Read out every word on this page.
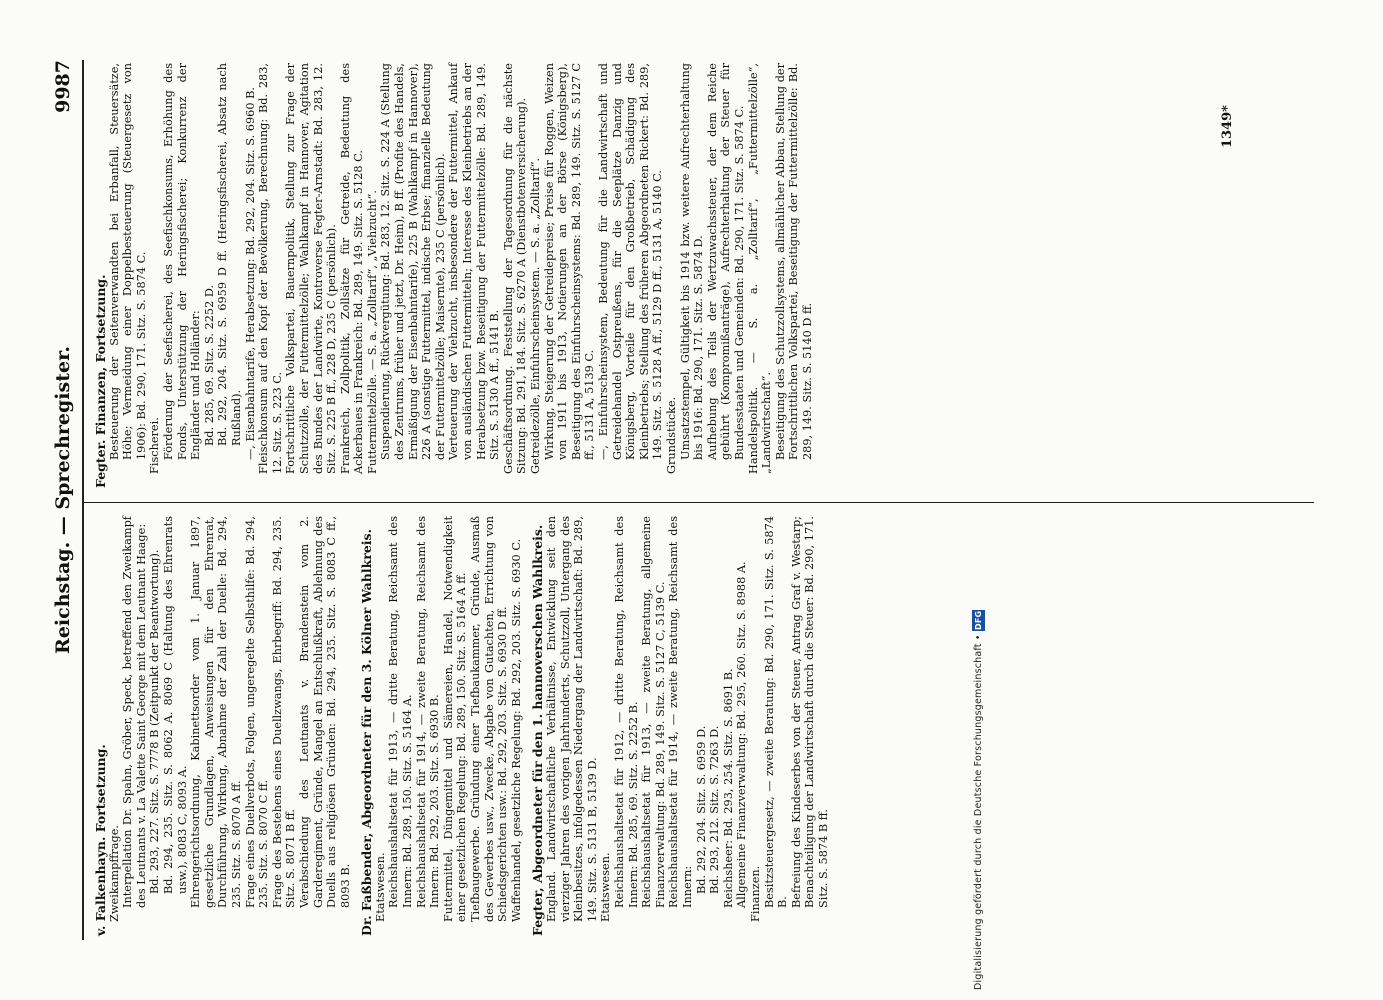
Reichstag. — Sprechregister.
9987
v. Falkenhayn. Fortsetzung. Zweikampffrage. Interpellation Dr. Spahn, Gröber, Speck, betreffend den Zweikampf des Leutnants v. La Valette Saint George mit dem Leutnant Haage: Bd. 293, 227. Sitz. S. 7778 B (Zeitpunkt der Beantwortung). Bd. 294, 235. Sitz. S. 8062 A. 8069 C (Haltung des Ehrenrats usw.), 8083 C, 8093 A. Ehrengerichtsordnung, Kabinettsorder vom 1. Januar 1897, gesetzliche Grundlagen, Anweisungen für den Ehrenrat, Durchführung, Wirkung, Abnahme der Zahl der Duelle: Bd. 294, 235. Sitz. S. 8070 A ff. Frage eines Duellverbots, Folgen, ungeregelte Selbsthilfe: Bd. 294, 235. Sitz. S. 8070 C ff. Frage des Bestehens eines Duellzwangs, Ehrbegriff: Bd. 294, 235. Sitz. S. 8071 B ff. Verabschiedung des Leutnants v. Brandenstein vom 2. Garderegiment, Gründe, Mangel an Entschlußkraft, Ablehnung des Duells aus religiösen Gründen: Bd. 294, 235. Sitz. S. 8083 C ff., 8093 B. Dr. Faßbender, Abgeordneter für den 3. Kölner Wahlkreis. Etatswesen. Reichshaushaltsetat für 1913, — dritte Beratung, Reichsamt des Innern: Bd. 289, 150. Sitz. S. 5164 A. Reichshaushaltsetat für 1914, — zweite Beratung, Reichsamt des Innern: Bd. 292, 203. Sitz. S. 6930 B. Futtermittel, Düngemittel und Sämereien, Handel, Notwendigkeit einer gesetzlichen Regelung: Bd. 289, 150. Sitz. S. 5164 A ff. Tiefbaugewerbe. Gründung einer Tiefbaukammer, Gründe, Ausmaß des Gewerbes usw., Zwecke, Abgabe von Gutachten, Errichtung von Schiedsgerichten usw.: Bd. 292, 203. Sitz. S. 6930 D ff. Waffenhandel, gesetzliche Regelung: Bd. 292, 203. Sitz. S. 6930 C. Fegter, Abgeordneter für den 1. hannoverschen Wahlkreis. England. Landwirtschaftliche Verhältnisse, Entwicklung seit den vierziger Jahren des vorigen Jahrhunderts, Schutzzoll, Untergang des Kleinbesitzes, infolgedessen Niedergang der Landwirtschaft: Bd. 289, 149. Sitz. S. 5131 B, 5139 D. Etatswesen. Reichshaushaltsetat für 1912, — dritte Beratung, Reichsamt des Innern: Bd. 285, 69. Sitz. S. 2252 B. Reichshaushaltsetat für 1913, — zweite Beratung, allgemeine Finanzverwaltung: Bd. 289, 149. Sitz. S. 5127 C, 5139 C. Reichshaushaltsetat für 1914, — zweite Beratung, Reichsamt des Innern: Bd. 292, 204. Sitz. S. 6959 D. Bd. 293, 212. Sitz. S. 7263 D. Reichsheer: Bd. 293, 254. Sitz. S. 8691 B. Allgemeine Finanzverwaltung: Bd. 295, 260. Sitz. S. 8988 A. Finanzen. Besitzsteuergesetz, — zweite Beratung: Bd. 290, 171. Sitz. S. 5874 B. Befreiung des Kindeserbes von der Steuer, Antrag Graf v. Westarp; Benachteiligung der Landwirtschaft durch die Steuer: Bd. 290, 171. Sitz. S. 5874 B ff.
Fegter. Finanzen, Fortsetzung. Besteuerung der Seitenverwandten bei Erbanfall, Steuersätze, Höhe; Vermeidung einer Doppelbesteuerung (Steuergesetz von 1906): Bd. 290, 171. Sitz. S. 5874 C. Fischerei. Förderung der Seefischerei, des Seefischkonsums, Erhöhung des Fonds, Unterstützung der Heringsfischerei; Konkurrenz der Engländer und Holländer: Bd. 285, 69. Sitz. S. 2252 D. Bd. 292, 204. Sitz. S. 6959 D ff. (Heringsfischerei, Absatz nach Rußland). —, Eisenbahntarife, Herabsetzung: Bd. 292, 204. Sitz. S. 6960 B. Fleischkonsum auf den Kopf der Bevölkerung, Berechnung: Bd. 283, 12. Sitz. S. 223 C. Fortschrittliche Volkspartei, Bauernpolitik, Stellung zur Frage der Schutzzölle, der Futtermittelzölle; Wahlkampf in Hannover, Agitation des Bundes der Landwirte, Kontroverse Fegter-Arnstadt: Bd. 283, 12. Sitz. S. 225 B ff., 228 D, 235 C (persönlich). Frankreich, Zollpolitik, Zollsätze für Getreide, Bedeutung des Ackerbaues in Frankreich: Bd. 289, 149. Sitz. S. 5128 C. Futtermittelzölle. — S. a. „Zolltarif“, „Viehzucht“. Suspendierung, Rückvergütung: Bd. 283, 12. Sitz. S. 224 A (Stellung des Zentrums, früher und jetzt, Dr. Heim), B ff. (Profite des Handels, Ermäßigung der Eisenbahntarife), 225 B (Wahlkampf in Hannover), 226 A (sonstige Futtermittel, indische Erbse; finanzielle Bedeutung der Futtermittelzölle; Maisernte), 235 C (persönlich). Verteuerung der Viehzucht, insbesondere der Futtermittel, Ankauf von ausländischen Futtermitteln; Interesse des Kleinbetriebs an der Herabsetzung bzw. Beseitigung der Futtermittelzölle: Bd. 289, 149. Sitz. S. 5130 A ff., 5141 B. Geschäftsordnung. Feststellung der Tagesordnung für die nächste Sitzung: Bd. 291, 184. Sitz. S. 6270 A (Dienstbotenversicherung). Getreidezölle, Einfuhrscheinsystem. — S. a. „Zolltarif“. Wirkung, Steigerung der Getreidepreise; Preise für Roggen, Weizen von 1911 bis 1913, Notierungen an der Börse (Königsberg), Beseitigung des Einfuhrscheinsystems: Bd. 289, 149. Sitz. S. 5127 C ff., 5131 A, 5139 C. —, Einfuhrscheinsystem, Bedeutung für die Landwirtschaft und Getreidehandel Ostpreußens, für die Seeplätze Danzig und Königsberg, Vorteile für den Großbetrieb, Schädigung des Kleinbetriebs; Stellung des früheren Abgeordneten Rickert: Bd. 289, 149. Sitz. S. 5128 A ff., 5129 D ff., 5131 A, 5140 C. Grundstücke. Umsatzstempel, Gültigkeit bis 1914 bzw. weitere Aufrechterhaltung bis 1916: Bd. 290, 171. Sitz. S. 5874 D. Aufhebung des Teils der Wertzuwachssteuer, der dem Reiche gebührt (Kompromißanträge), Aufrechterhaltung der Steuer für Bundesstaaten und Gemeinden: Bd. 290, 171. Sitz. S. 5874 C. Handelspolitik. — S. a. „Zolltarif“, „Futtermittelzölle“, „Landwirtschaft“. Beseitigung des Schutzzollsystems, allmählicher Abbau, Stellung der Fortschrittlichen Volkspartei, Beseitigung der Futtermittelzölle: Bd. 289, 149. Sitz. S. 5140 D ff.
1349*
Digitalisierung gefördert durch die Deutsche Forschungsgemeinschaft • DFG
